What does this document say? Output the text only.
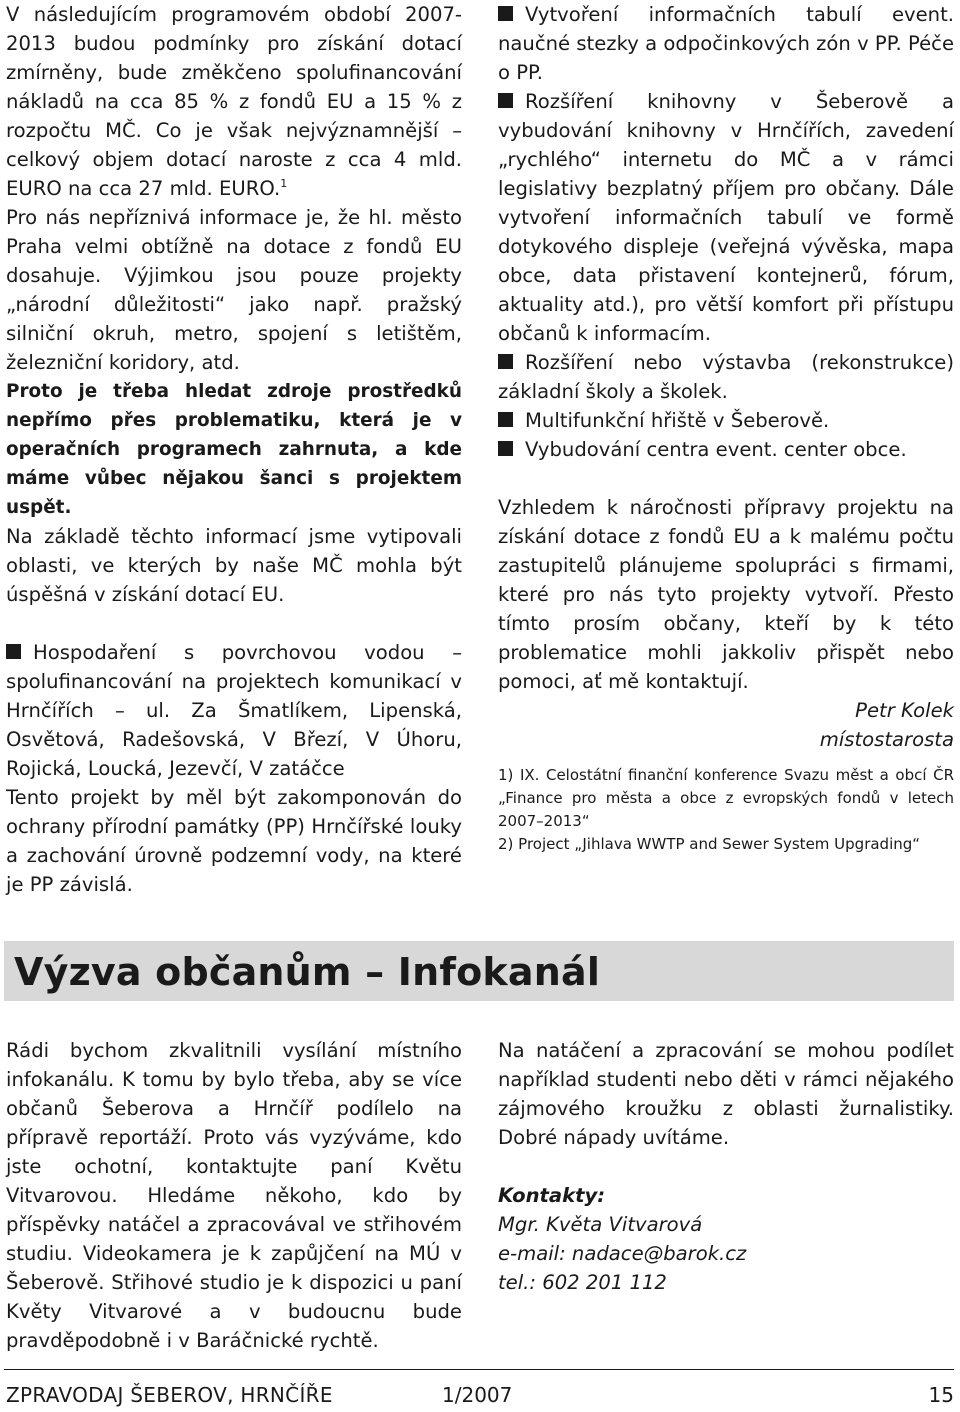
V následujícím programovém období 2007-2013 budou podmínky pro získání dotací zmírněny, bude změkčeno spolufinancování nákladů na cca 85 % z fondů EU a 15 % z rozpočtu MČ. Co je však nejvýznamnější – celkový objem dotací naroste z cca 4 mld. EURO na cca 27 mld. EURO.$^1$

Pro nás nepříznivá informace je, že hl. město Praha velmi obtížně na dotace z fondů EU dosahuje. Výjimkou jsou pouze projekty „národní důležitosti“ jako např. pražský silniční okruh, metro, spojení s letištěm, železniční koridory, atd.

Proto je třeba hledat zdroje prostředků nepřímo přes problematiku, která je v operačních programech zahrnuta, a kde máme vůbec nějakou šanci s projektem uspět.

Na základě těchto informací jsme vytipovali oblasti, ve kterých by naše MČ mohla být úspěšná v získání dotací EU.

Hospodaření s povrchovou vodou – spolufinancování na projektech komunikací v Hrnčířích – ul. Za Šmatlíkem, Lipenská, Osvětová, Radešovská, V Březí, V Úhoru, Rojická, Loucká, Jezevčí, V zatáčce

Tento projekt by měl být zakomponován do ochrany přírodní památky (PP) Hrnčířské louky a zachování úrovně podzemní vody, na které je PP závislá.

Vytvoření informačních tabulí event. naučné stezky a odpočinkových zón v PP. Péče o PP.

Rozšíření knihovny v Šeberově a vybudování knihovny v Hrnčířích, zavedení „rychlého“ internetu do MČ a v rámci legislativy bezplatný příjem pro občany. Dále vytvoření informačních tabulí ve formě dotykového displeje (veřejná vývěska, mapa obce, data přistavení kontejnerů, fórum, aktuality atd.), pro větší komfort při přístupu občanů k informacím.

Rozšíření nebo výstavba (rekonstrukce) základní školy a školek.

Multifunkční hřiště v Šeberově.

Vybudování centra event. center obce.

Vzhledem k náročnosti přípravy projektu na získání dotace z fondů EU a k malému počtu zastupitelů plánujeme spolupráci s firmami, které pro nás tyto projekty vytvoří. Přesto tímto prosím občany, kteří by k této problematice mohli jakkoliv přispět nebo pomoci, ať mě kontaktují.

Petr Kolek

místostarosta

1) IX. Celostátní finanční konference Svazu měst a obcí ČR „Finance pro města a obce z evropských fondů v letech 2007–2013“

2) Project „Jihlava WWTP and Sewer System Upgrading“

Výzva občanům – Infokanál

Rádi bychom zkvalitnili vysílání místního infokanálu. K tomu by bylo třeba, aby se více občanů Šeberova a Hrnčíř podílelo na přípravě reportáží. Proto vás vyzýváme, kdo jste ochotní, kontaktujte paní Květu Vitvarovou. Hledáme někoho, kdo by příspěvky natáčel a zpracovával ve střihovém studiu. Videokamera je k zapůjčení na MÚ v Šeberově. Střihové studio je k dispozici u paní Květy Vitvarové a v budoucnu bude pravděpodobně i v Baráčnické rychtě.

Na natáčení a zpracování se mohou podílet například studenti nebo děti v rámci nějakého zájmového kroužku z oblasti žurnalistiky. Dobré nápady uvítáme.

Kontakty:

Mgr. Květa Vitvarová

e-mail: nadace@barok.cz

tel.: 602 201 112

ZPRAVODAJ ŠEBEROV, HRNČÍŘE	1/2007	15
